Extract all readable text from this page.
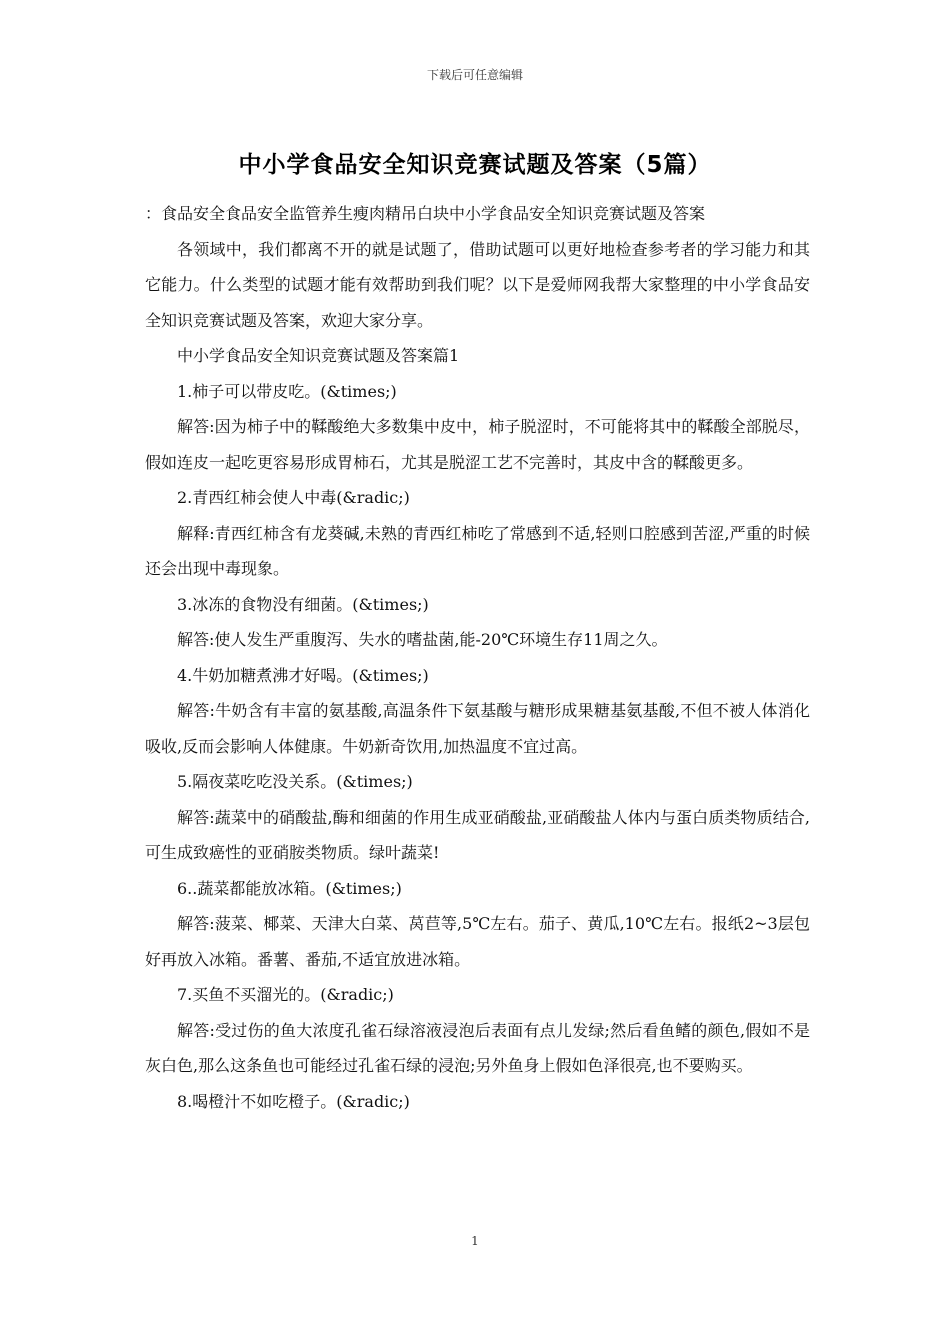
下载后可任意编辑
中小学食品安全知识竞赛试题及答案（5篇）

：食品安全食品安全监管养生瘦肉精吊白块中小学食品安全知识竞赛试题及答案

各领域中，我们都离不开的就是试题了，借助试题可以更好地检查参考者的学习能力和其它能力。什么类型的试题才能有效帮助到我们呢？以下是爱师网我帮大家整理的中小学食品安全知识竞赛试题及答案，欢迎大家分享。

中小学食品安全知识竞赛试题及答案篇1

1.柿子可以带皮吃。(&times;)

解答:因为柿子中的鞣酸绝大多数集中皮中，柿子脱涩时，不可能将其中的鞣酸全部脱尽，假如连皮一起吃更容易形成胃柿石，尤其是脱涩工艺不完善时，其皮中含的鞣酸更多。

2.青西红柿会使人中毒(&radic;)

解释:青西红柿含有龙葵碱,未熟的青西红柿吃了常感到不适,轻则口腔感到苦涩,严重的时候还会出现中毒现象。

3.冰冻的食物没有细菌。(&times;)

解答:使人发生严重腹泻、失水的嗜盐菌,能-20℃环境生存11周之久。

4.牛奶加糖煮沸才好喝。(&times;)

解答:牛奶含有丰富的氨基酸,高温条件下氨基酸与糖形成果糖基氨基酸,不但不被人体消化吸收,反而会影响人体健康。牛奶新奇饮用,加热温度不宜过高。

5.隔夜菜吃吃没关系。(&times;)

解答:蔬菜中的硝酸盐,酶和细菌的作用生成亚硝酸盐,亚硝酸盐人体内与蛋白质类物质结合,可生成致癌性的亚硝胺类物质。绿叶蔬菜!

6..蔬菜都能放冰箱。(&times;)

解答:菠菜、椰菜、天津大白菜、莴苣等,5℃左右。茄子、黄瓜,10℃左右。报纸2~3层包好再放入冰箱。番薯、番茄,不适宜放进冰箱。

7.买鱼不买溜光的。(&radic;)

解答:受过伤的鱼大浓度孔雀石绿溶液浸泡后表面有点儿发绿;然后看鱼鳍的颜色,假如不是灰白色,那么这条鱼也可能经过孔雀石绿的浸泡;另外鱼身上假如色泽很亮,也不要购买。

8.喝橙汁不如吃橙子。(&radic;)

1
